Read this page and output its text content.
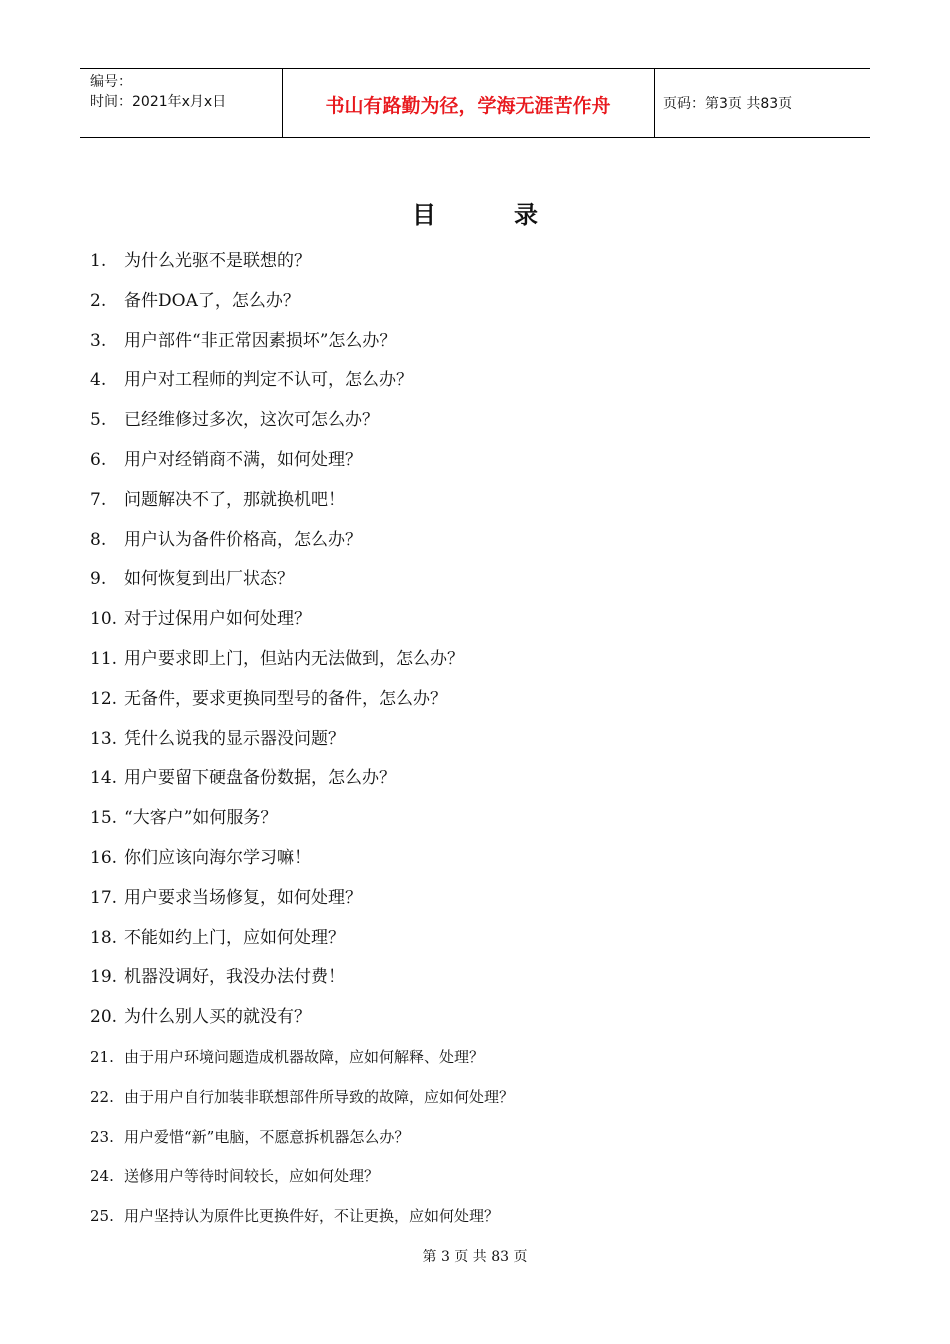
编号：
时间：2021年x月x日	书山有路勤为径，学海无涯苦作舟	页码：第3页 共83页
目	录
1. 为什么光驱不是联想的？
2. 备件DOA了，怎么办？
3. 用户部件“非正常因素损坏”怎么办？
4. 用户对工程师的判定不认可，怎么办？
5. 已经维修过多次，这次可怎么办？
6. 用户对经销商不满，如何处理？
7. 问题解决不了，那就换机吧！
8. 用户认为备件价格高，怎么办？
9. 如何恢复到出厂状态？
10. 对于过保用户如何处理？
11. 用户要求即上门，但站内无法做到，怎么办？
12. 无备件，要求更换同型号的备件，怎么办？
13. 凭什么说我的显示器没问题？
14. 用户要留下硬盘备份数据，怎么办？
15. “大客户”如何服务？
16. 你们应该向海尔学习嘛！
17. 用户要求当场修复，如何处理？
18. 不能如约上门，应如何处理？
19. 机器没调好，我没办法付费！
20. 为什么别人买的就没有？
21. 由于用户环境问题造成机器故障，应如何解释、处理？
22. 由于用户自行加装非联想部件所导致的故障，应如何处理？
23. 用户爱惜“新”电脑，不愿意拆机器怎么办？
24. 送修用户等待时间较长，应如何处理？
25. 用户坚持认为原件比更换件好，不让更换，应如何处理？
第 3 页 共 83 页
